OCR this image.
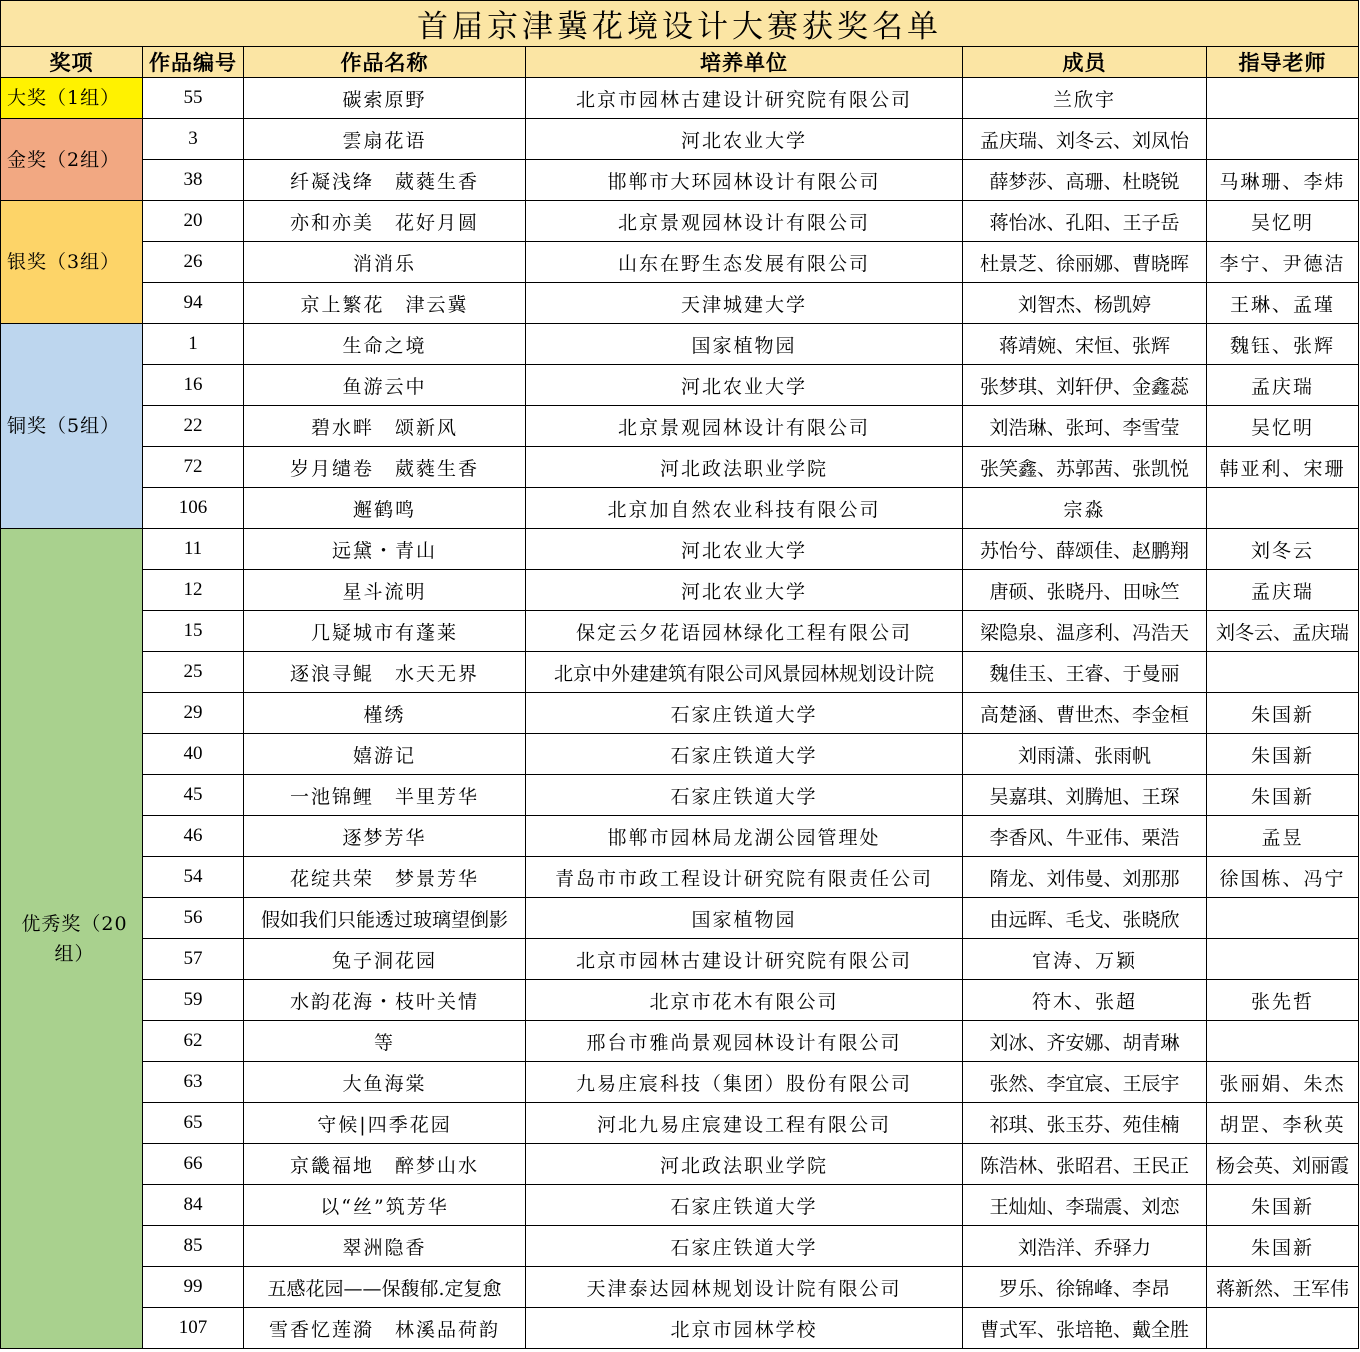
首届京津冀花境设计大赛获奖名单					
奖项	作品编号	作品名称	培养单位	成员	指导老师
大奖（1组）	55	碳索原野	北京市园林古建设计研究院有限公司	兰欣宇	
金奖（2组）	3	雲扇花语	河北农业大学	孟庆瑞、刘冬云、刘凤怡	
	38	纤凝浅绛　葳蕤生香	邯郸市大环园林设计有限公司	薛梦莎、高珊、杜晓锐	马琳珊、李炜
银奖（3组）	20	亦和亦美　花好月圆	北京景观园林设计有限公司	蒋怡冰、孔阳、王子岳	吴忆明
	26	消消乐	山东在野生态发展有限公司	杜景芝、徐丽娜、曹晓晖	李宁、尹德洁
	94	京上繁花　津云冀	天津城建大学	刘智杰、杨凯婷	王琳、孟瑾
铜奖（5组）	1	生命之境	国家植物园	蒋靖婉、宋恒、张辉	魏钰、张辉
	16	鱼游云中	河北农业大学	张梦琪、刘轩伊、金鑫蕊	孟庆瑞
	22	碧水畔　颂新风	北京景观园林设计有限公司	刘浩琳、张珂、李雪莹	吴忆明
	72	岁月缱卷　葳蕤生香	河北政法职业学院	张笑鑫、苏郭茜、张凯悦	韩亚利、宋珊
	106	邂鹤鸣	北京加自然农业科技有限公司	宗淼	
优秀奖（20组）	11	远黛・青山	河北农业大学	苏怡兮、薛颂佳、赵鹏翔	刘冬云
	12	星斗流明	河北农业大学	唐硕、张晓丹、田咏竺	孟庆瑞
	15	几疑城市有蓬莱	保定云夕花语园林绿化工程有限公司	梁隐泉、温彦利、冯浩天	刘冬云、孟庆瑞
	25	逐浪寻鲲　水天无界	北京中外建建筑有限公司风景园林规划设计院	魏佳玉、王睿、于曼丽	
	29	槿绣	石家庄铁道大学	高楚涵、曹世杰、李金桓	朱国新
	40	嬉游记	石家庄铁道大学	刘雨潇、张雨帆	朱国新
	45	一池锦鲤　半里芳华	石家庄铁道大学	吴嘉琪、刘腾旭、王琛	朱国新
	46	逐梦芳华	邯郸市园林局龙湖公园管理处	李香风、牛亚伟、栗浩	孟昱
	54	花绽共荣　梦景芳华	青岛市市政工程设计研究院有限责任公司	隋龙、刘伟曼、刘那那	徐国栋、冯宁
	56	假如我们只能透过玻璃望倒影	国家植物园	由远晖、毛戈、张晓欣	
	57	兔子洞花园	北京市园林古建设计研究院有限公司	官涛、万颖	
	59	水韵花海・枝叶关情	北京市花木有限公司	符木、张超	张先哲
	62	等	邢台市雅尚景观园林设计有限公司	刘冰、齐安娜、胡青琳	
	63	大鱼海棠	九易庄宸科技（集团）股份有限公司	张然、李宜宸、王辰宇	张丽娟、朱杰
	65	守候|四季花园	河北九易庄宸建设工程有限公司	祁琪、张玉芬、苑佳楠	胡罡、李秋英
	66	京畿福地　醉梦山水	河北政法职业学院	陈浩林、张昭君、王民正	杨会英、刘丽霞
	84	以“丝”筑芳华	石家庄铁道大学	王灿灿、李瑞震、刘恋	朱国新
	85	翠洲隐香	石家庄铁道大学	刘浩洋、乔驿力	朱国新
	99	五感花园——保馥郁.定复愈	天津泰达园林规划设计院有限公司	罗乐、徐锦峰、李昂	蒋新然、王军伟
	107	雪香忆莲漪　林溪品荷韵	北京市园林学校	曹式军、张培艳、戴全胜	
